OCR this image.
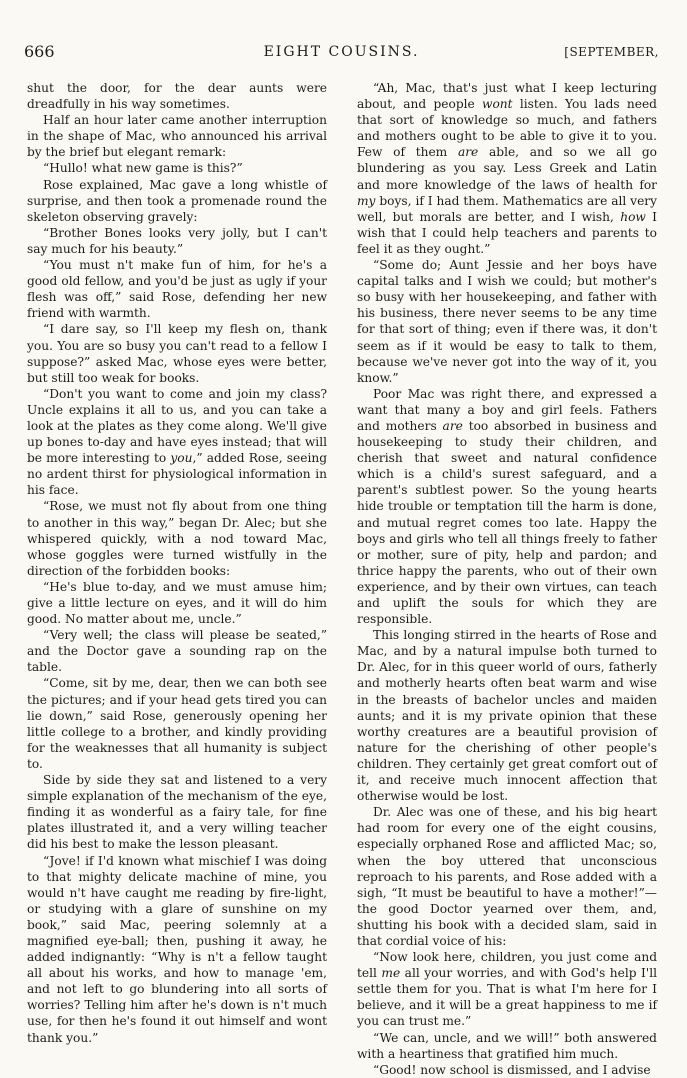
666	EIGHT COUSINS.	[SEPTEMBER,

shut the door, for the dear aunts were dreadfully in his way sometimes.

Half an hour later came another interruption in the shape of Mac, who announced his arrival by the brief but elegant remark:

“Hullo! what new game is this?”

Rose explained, Mac gave a long whistle of surprise, and then took a promenade round the skeleton observing gravely:

“Brother Bones looks very jolly, but I can't say much for his beauty.”

“You must n't make fun of him, for he's a good old fellow, and you'd be just as ugly if your flesh was off,” said Rose, defending her new friend with warmth.

“I dare say, so I'll keep my flesh on, thank you. You are so busy you can't read to a fellow I suppose?” asked Mac, whose eyes were better, but still too weak for books.

“Don't you want to come and join my class? Uncle explains it all to us, and you can take a look at the plates as they come along. We'll give up bones to-day and have eyes instead; that will be more interesting to you,” added Rose, seeing no ardent thirst for physiological information in his face.

“Rose, we must not fly about from one thing to another in this way,” began Dr. Alec; but she whispered quickly, with a nod toward Mac, whose goggles were turned wistfully in the direction of the forbidden books:

“He's blue to-day, and we must amuse him; give a little lecture on eyes, and it will do him good. No matter about me, uncle.”

“Very well; the class will please be seated,” and the Doctor gave a sounding rap on the table.

“Come, sit by me, dear, then we can both see the pictures; and if your head gets tired you can lie down,” said Rose, generously opening her little college to a brother, and kindly providing for the weaknesses that all humanity is subject to.

Side by side they sat and listened to a very simple explanation of the mechanism of the eye, finding it as wonderful as a fairy tale, for fine plates illustrated it, and a very willing teacher did his best to make the lesson pleasant.

“Jove! if I'd known what mischief I was doing to that mighty delicate machine of mine, you would n't have caught me reading by fire-light, or studying with a glare of sunshine on my book,” said Mac, peering solemnly at a magnified eye-ball; then, pushing it away, he added indignantly: “Why is n't a fellow taught all about his works, and how to manage 'em, and not left to go blundering into all sorts of worries? Telling him after he's down is n't much use, for then he's found it out himself and wont thank you.”

“Ah, Mac, that's just what I keep lecturing about, and people wont listen. You lads need that sort of knowledge so much, and fathers and mothers ought to be able to give it to you. Few of them are able, and so we all go blundering as you say. Less Greek and Latin and more knowledge of the laws of health for my boys, if I had them. Mathematics are all very well, but morals are better, and I wish, how I wish that I could help teachers and parents to feel it as they ought.”

“Some do; Aunt Jessie and her boys have capital talks and I wish we could; but mother's so busy with her housekeeping, and father with his business, there never seems to be any time for that sort of thing; even if there was, it don't seem as if it would be easy to talk to them, because we've never got into the way of it, you know.”

Poor Mac was right there, and expressed a want that many a boy and girl feels. Fathers and mothers are too absorbed in business and housekeeping to study their children, and cherish that sweet and natural confidence which is a child's surest safeguard, and a parent's subtlest power. So the young hearts hide trouble or temptation till the harm is done, and mutual regret comes too late. Happy the boys and girls who tell all things freely to father or mother, sure of pity, help and pardon; and thrice happy the parents, who out of their own experience, and by their own virtues, can teach and uplift the souls for which they are responsible.

This longing stirred in the hearts of Rose and Mac, and by a natural impulse both turned to Dr. Alec, for in this queer world of ours, fatherly and motherly hearts often beat warm and wise in the breasts of bachelor uncles and maiden aunts; and it is my private opinion that these worthy creatures are a beautiful provision of nature for the cherishing of other people's children. They certainly get great comfort out of it, and receive much innocent affection that otherwise would be lost.

Dr. Alec was one of these, and his big heart had room for every one of the eight cousins, especially orphaned Rose and afflicted Mac; so, when the boy uttered that unconscious reproach to his parents, and Rose added with a sigh, “It must be beautiful to have a mother!”—the good Doctor yearned over them, and, shutting his book with a decided slam, said in that cordial voice of his:

“Now look here, children, you just come and tell me all your worries, and with God's help I'll settle them for you. That is what I'm here for I believe, and it will be a great happiness to me if you can trust me.”

“We can, uncle, and we will!” both answered with a heartiness that gratified him much.

“Good! now school is dismissed, and I advise
